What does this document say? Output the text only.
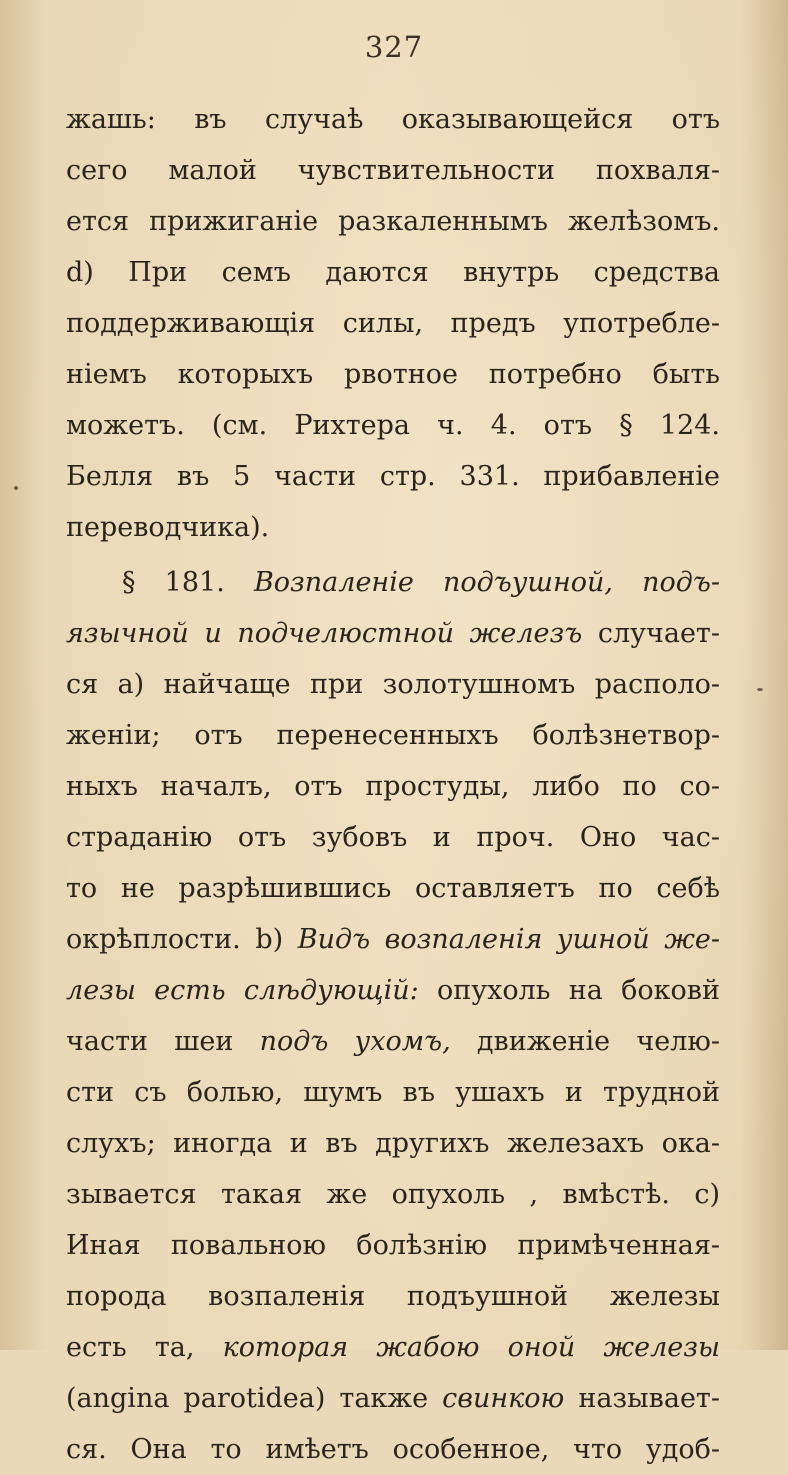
327
жашь: въ случаѣ оказывающейся отъ
сего малой чувствительности похваля-
ется прижиганіе разкаленнымъ желѣзомъ.
d) При семъ даются внутрь средства
поддерживающія силы, предъ употребле-
ніемъ которыхъ рвотное потребно быть
можетъ. (см. Рихтера ч. 4. отъ § 124.
Белля въ 5 части стр. 331. прибавленіе
переводчика).
§ 181. Возпаленіе подъушной, подъ-
язычной и подчелюстной железъ случает-
ся а) найчаще при золотушномъ располо-
женіи; отъ перенесенныхъ болѣзнетвор-
ныхъ началъ, отъ простуды, либо по со-
страданію отъ зубовъ и проч. Оно час-
то не разрѣшившись оставляетъ по себѣ
окрѣплости. b) Видъ возпаленія ушной же-
лезы есть слѣдующій: опухоль на боковй
части шеи подъ ухомъ, движеніе челю-
сти съ болью, шумъ въ ушахъ и трудной
слухъ; иногда и въ другихъ железахъ ока-
зывается такая же опухоль , вмѣстѣ. с)
Иная повальною болѣзнію примѣченная-
порода возпаленія подъушной железы
есть та, которая жабою оной железы
(angina parotidea) также свинкою называет-
ся. Она то имѣетъ особенное, что удоб-
